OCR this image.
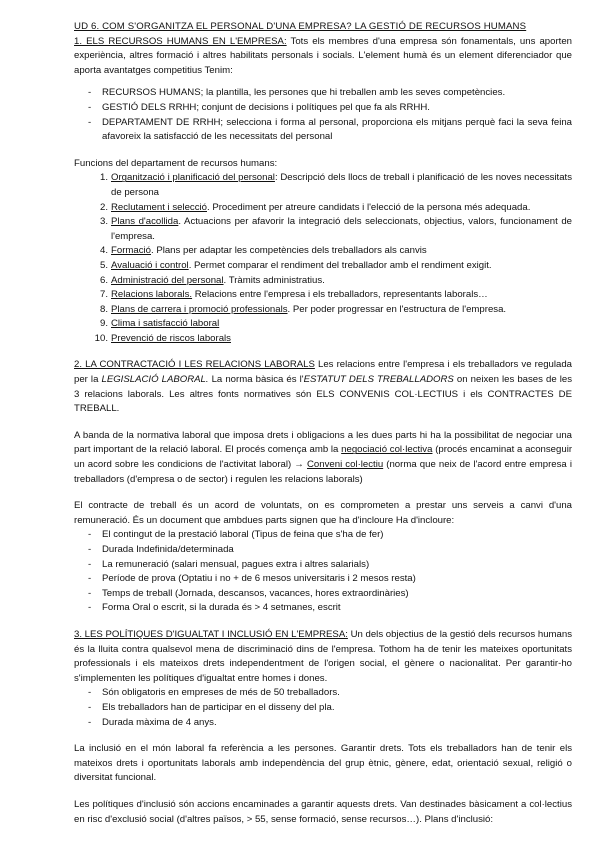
UD 6. COM S'ORGANITZA EL PERSONAL D'UNA EMPRESA? LA GESTIÓ DE RECURSOS HUMANS

1. ELS RECURSOS HUMANS EN L'EMPRESA: Tots els membres d'una empresa són fonamentals, uns aporten experiència, altres formació i altres habilitats personals i socials. L'element humà és un element diferenciador que aporta avantatges competitius Tenim:

- RECURSOS HUMANS; la plantilla, les persones que hi treballen amb les seves competències.
- GESTIÓ DELS RRHH; conjunt de decisions i polítiques pel que fa als RRHH.
- DEPARTAMENT DE RRHH; selecciona i forma al personal, proporciona els mitjans perquè faci la seva feina afavoreix la satisfacció de les necessitats del personal

Funcions del departament de recursos humans:

1. Organització i planificació del personal: Descripció dels llocs de treball i planificació de les noves necessitats de persona
2. Reclutament i selecció. Procediment per atreure candidats i l'elecció de la persona més adequada.
3. Plans d'acollida. Actuacions per afavorir la integració dels seleccionats, objectius, valors, funcionament de l'empresa.
4. Formació. Plans per adaptar les competències dels treballadors als canvis
5. Avaluació i control. Permet comparar el rendiment del treballador amb el rendiment exigit.
6. Administració del personal. Tràmits administratius.
7. Relacions laborals. Relacions entre l'empresa i els treballadors, representants laborals…
8. Plans de carrera i promoció professionals. Per poder progressar en l'estructura de l'empresa.
9. Clima i satisfacció laboral
10. Prevenció de riscos laborals

2. LA CONTRACTACIÓ I LES RELACIONS LABORALS Les relacions entre l'empresa i els treballadors ve regulada per la LEGISLACIÓ LABORAL. La norma bàsica és l'ESTATUT DELS TREBALLADORS on neixen les bases de les 3 relacions laborals. Les altres fonts normatives són ELS CONVENIS COL·LECTIUS i els CONTRACTES DE TREBALL.

A banda de la normativa laboral que imposa drets i obligacions a les dues parts hi ha la possibilitat de negociar una part important de la relació laboral. El procés comença amb la negociació col·lectiva (procés encaminat a aconseguir un acord sobre les condicions de l'activitat laboral) → Conveni col·lectiu (norma que neix de l'acord entre empresa i treballadors (d'empresa o de sector) i regulen les relacions laborals)

El contracte de treball és un acord de voluntats, on es comprometen a prestar uns serveis a canvi d'una remuneració. És un document que ambdues parts signen que ha d'incloure Ha d'incloure:

- El contingut de la prestació laboral (Tipus de feina que s'ha de fer)
- Durada Indefinida/determinada
- La remuneració (salari mensual, pagues extra i altres salarials)
- Període de prova (Optatiu i no + de 6 mesos universitaris i 2 mesos resta)
- Temps de treball (Jornada, descansos, vacances, hores extraordinàries)
- Forma Oral o escrit, si la durada és > 4 setmanes, escrit

3. LES POLÍTIQUES D'IGUALTAT I INCLUSIÓ EN L'EMPRESA: Un dels objectius de la gestió dels recursos humans és la lluita contra qualsevol mena de discriminació dins de l'empresa. Tothom ha de tenir les mateixes oportunitats professionals i els mateixos drets independentment de l'origen social, el gènere o nacionalitat. Per garantir-ho s'implementen les polítiques d'igualtat entre homes i dones.

- Són obligatoris en empreses de més de 50 treballadors.
- Els treballadors han de participar en el disseny del pla.
- Durada màxima de 4 anys.

La inclusió en el món laboral fa referència a les persones. Garantir drets. Tots els treballadors han de tenir els mateixos drets i oportunitats laborals amb independència del grup ètnic, gènere, edat, orientació sexual, religió o diversitat funcional.

Les polítiques d'inclusió són accions encaminades a garantir aquests drets. Van destinades bàsicament a col·lectius en risc d'exclusió social (d'altres països, > 55, sense formació, sense recursos…). Plans d'inclusió:
